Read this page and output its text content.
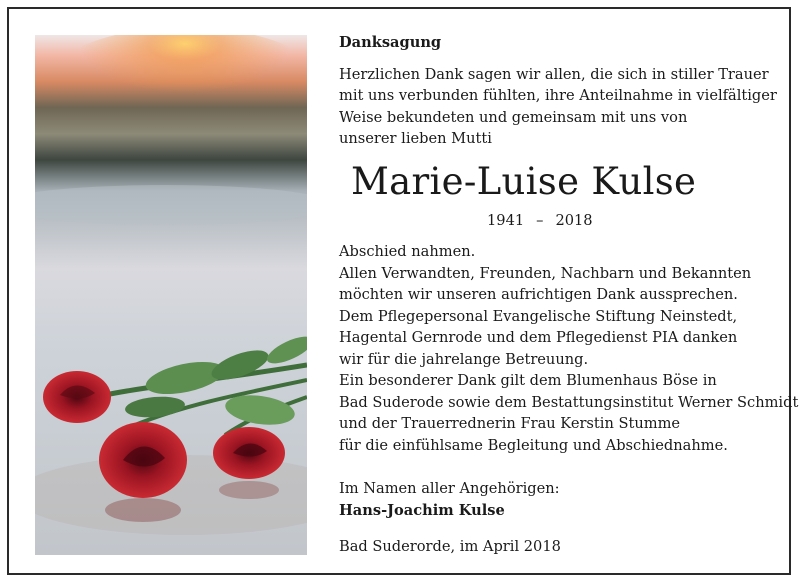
Danksagung

Herzlichen Dank sagen wir allen, die sich in stiller Trauer

mit uns verbunden fühlten, ihre Anteilnahme in vielfältiger

Weise bekundeten und gemeinsam mit uns von

unserer lieben Mutti

Marie-Luise Kulse
1941 – 2018
Abschied nahmen.
Allen Verwandten, Freunden, Nachbarn und Bekannten
möchten wir unseren aufrichtigen Dank aussprechen.
Dem Pflegepersonal Evangelische Stiftung Neinstedt,
Hagental Gernrode und dem Pflegedienst PIA danken
wir für die jahrelange Betreuung.
Ein besonderer Dank gilt dem Blumenhaus Böse in
Bad Suderode sowie dem Bestattungsinstitut Werner Schmidt
und der Trauerrednerin Frau Kerstin Stumme
für die einfühlsame Begleitung und Abschiednahme.
Im Namen aller Angehörigen:
Hans-Joachim Kulse
Bad Suderorde, im April 2018
